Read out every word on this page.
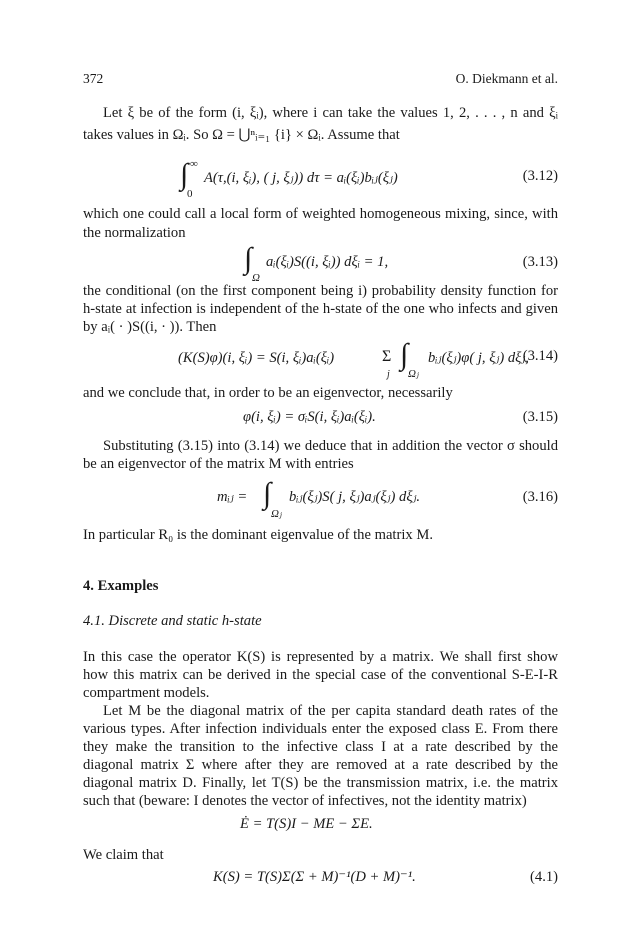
372	O. Diekmann et al.
Let ξ be of the form (i, ξᵢ), where i can take the values 1, 2, . . . , n and ξᵢ
takes values in Ωᵢ. So Ω = ⋃ⁿᵢ₌₁ {i} × Ωᵢ. Assume that
∫ ∞
0
A(τ,(i, ξᵢ), ( j, ξⱼ)) dτ = aᵢ(ξᵢ)bᵢⱼ(ξⱼ)	(3.12)
which one could call a local form of weighted homogeneous mixing, since, with
the normalization
∫
Ω
aᵢ(ξᵢ)S((i, ξᵢ)) dξᵢ = 1,	(3.13)
the conditional (on the first component being i) probability density function for
h-state at infection is independent of the h-state of the one who infects and given
by aᵢ( · )S((i, · )). Then
(K(S)φ)(i, ξᵢ) = S(i, ξᵢ)aᵢ(ξᵢ)	Σ
j
∫
Ωⱼ
bᵢⱼ(ξⱼ)φ( j, ξⱼ) dξⱼ,
(3.14)
and we conclude that, in order to be an eigenvector, necessarily
φ(i, ξᵢ) = σᵢS(i, ξᵢ)aᵢ(ξᵢ).	(3.15)
Substituting (3.15) into (3.14) we deduce that in addition the vector σ should
be an eigenvector of the matrix M with entries
mᵢⱼ = ∫
Ωⱼ
bᵢⱼ(ξⱼ)S( j, ξⱼ)aⱼ(ξⱼ) dξⱼ.	(3.16)
In particular R₀ is the dominant eigenvalue of the matrix M.
4. Examples
4.1. Discrete and static h-state
In this case the operator K(S) is represented by a matrix. We shall first show
how this matrix can be derived in the special case of the conventional S-E-I-R
compartment models.
Let M be the diagonal matrix of the per capita standard death rates of the
various types. After infection individuals enter the exposed class E. From there
they make the transition to the infective class I at a rate described by the
diagonal matrix Σ where after they are removed at a rate described by the
diagonal matrix D. Finally, let T(S) be the transmission matrix, i.e. the matrix
such that (beware: I denotes the vector of infectives, not the identity matrix)
Ė = T(S)I − ME − ΣE.
We claim that
K(S) = T(S)Σ(Σ + M)⁻¹(D + M)⁻¹.	(4.1)
